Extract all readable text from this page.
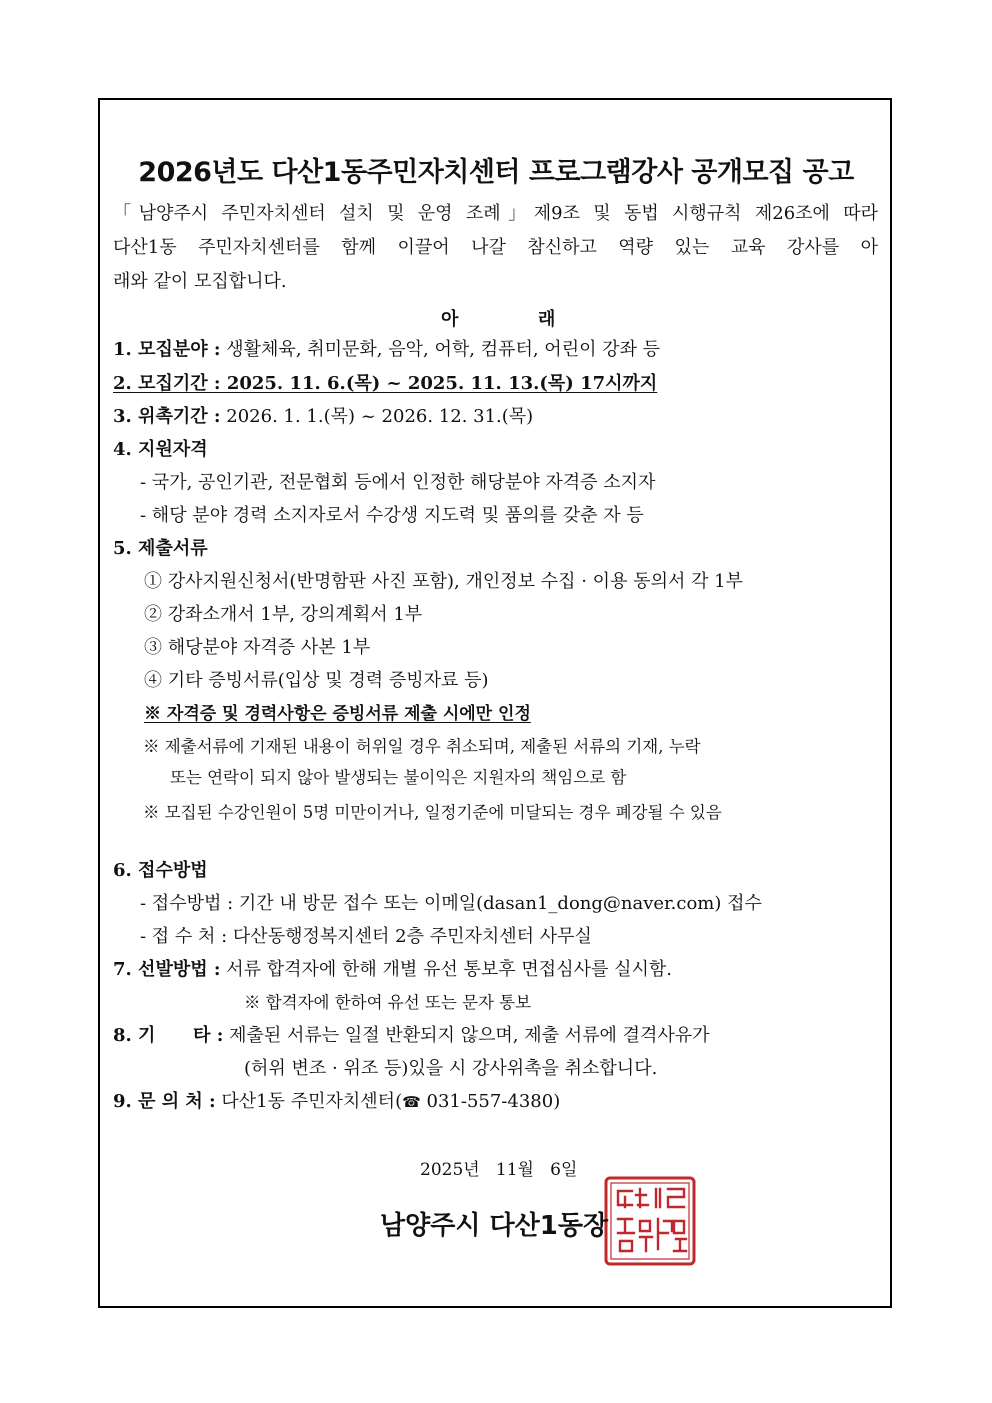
2026년도 다산1동주민자치센터 프로그램강사 공개모집 공고
「남양주시 주민자치센터 설치 및 운영 조례」제9조 및 동법 시행규칙 제26조에 따라
다산1동 주민자치센터를 함께 이끌어 나갈 참신하고 역량 있는 교육 강사를 아
래와 같이 모집합니다.
아	래
1. 모집분야 : 생활체육, 취미문화, 음악, 어학, 컴퓨터, 어린이 강좌 등
2. 모집기간 : 2025. 11. 6.(목) ~ 2025. 11. 13.(목) 17시까지
3. 위촉기간 : 2026. 1. 1.(목) ~ 2026. 12. 31.(목)
4. 지원자격
- 국가, 공인기관, 전문협회 등에서 인정한 해당분야 자격증 소지자
- 해당 분야 경력 소지자로서 수강생 지도력 및 품의를 갖춘 자 등
5. 제출서류
① 강사지원신청서(반명함판 사진 포함), 개인정보 수집 · 이용 동의서 각 1부
② 강좌소개서 1부, 강의계획서 1부
③ 해당분야 자격증 사본 1부
④ 기타 증빙서류(입상 및 경력 증빙자료 등)
※ 자격증 및 경력사항은 증빙서류 제출 시에만 인정
※ 제출서류에 기재된 내용이 허위일 경우 취소되며, 제출된 서류의 기재, 누락
또는 연락이 되지 않아 발생되는 불이익은 지원자의 책임으로 함
※ 모집된 수강인원이 5명 미만이거나, 일정기준에 미달되는 경우 폐강될 수 있음
6. 접수방법
- 접수방법 : 기간 내 방문 접수 또는 이메일(dasan1_dong@naver.com) 접수
- 접 수 처 : 다산동행정복지센터 2층 주민자치센터 사무실
7. 선발방법 : 서류 합격자에 한해 개별 유선 통보후 면접심사를 실시함.
※ 합격자에 한하여 유선 또는 문자 통보
8. 기      타 : 제출된 서류는 일절 반환되지 않으며, 제출 서류에 결격사유가
(허위 변조 · 위조 등)있을 시 강사위촉을 취소합니다.
9. 문 의 처 : 다산1동 주민자치센터(☎ 031-557-4380)
2025년   11월   6일
남양주시 다산1동장
